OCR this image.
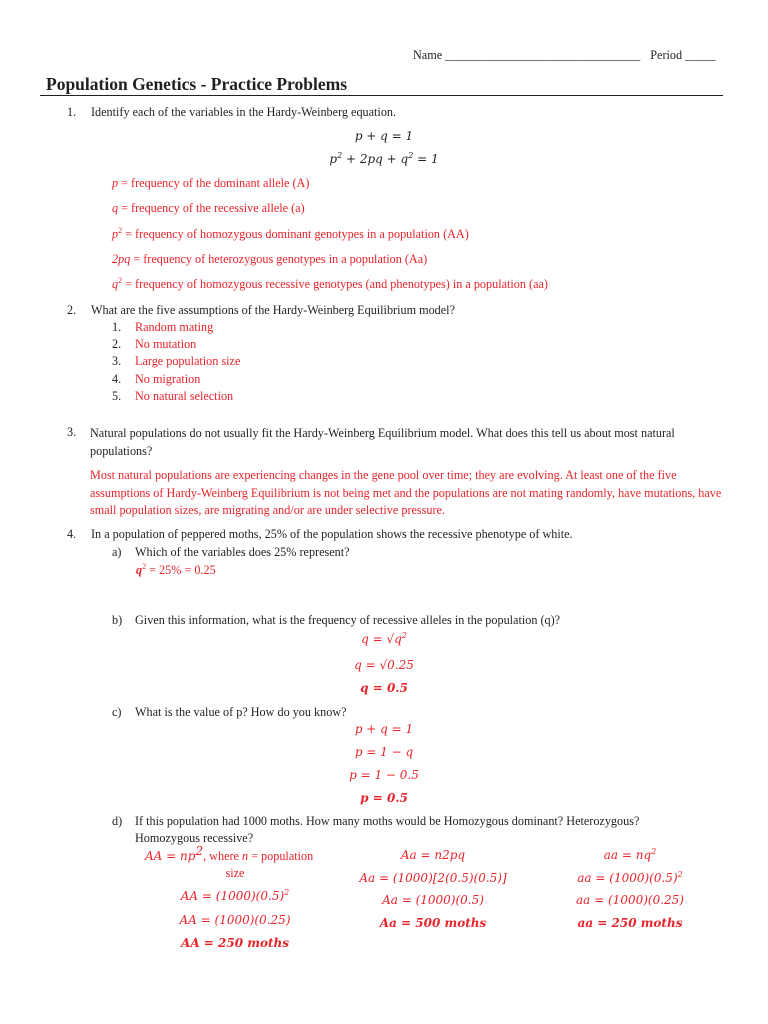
Name ________________________________ Period _____
Population Genetics - Practice Problems
1. Identify each of the variables in the Hardy-Weinberg equation.
p + q = 1
$p^2 + 2pq + q^2 = 1$
p = frequency of the dominant allele (A)
q = frequency of the recessive allele (a)
$p^2$ = frequency of homozygous dominant genotypes in a population (AA)
2pq = frequency of heterozygous genotypes in a population (Aa)
$q^2$ = frequency of homozygous recessive genotypes (and phenotypes) in a population (aa)
2. What are the five assumptions of the Hardy-Weinberg Equilibrium model?
1. Random mating
2. No mutation
3. Large population size
4. No migration
5. No natural selection
3. Natural populations do not usually fit the Hardy-Weinberg Equilibrium model. What does this tell us about most natural populations?
Most natural populations are experiencing changes in the gene pool over time; they are evolving. At least one of the five assumptions of Hardy-Weinberg Equilibrium is not being met and the populations are not mating randomly, have mutations, have small population sizes, are migrating and/or are under selective pressure.
4. In a population of peppered moths, 25% of the population shows the recessive phenotype of white.
a) Which of the variables does 25% represent?
$q^2 = 25\% = 0.25$
b) Given this information, what is the frequency of recessive alleles in the population (q)?
$q = √q^2$
q = √0.25
q = 0.5
c) What is the value of p? How do you know?
p + q = 1
p = 1 − q
p = 1 − 0.5
p = 0.5
d) If this population had 1000 moths. How many moths would be Homozygous dominant? Heterozygous?
Homozygous recessive?
AA = $np^2$, where n = population
size
AA = $(1000)(0.5)^2$
AA = (1000)(0.25)
AA = 250 moths
Aa = n2pq
Aa = (1000)[2(0.5)(0.5)]
Aa = (1000)(0.5)
Aa = 500 moths
aa = $nq^2$
aa = $(1000)(0.5)^2$
aa = (1000)(0.25)
aa = 250 moths
